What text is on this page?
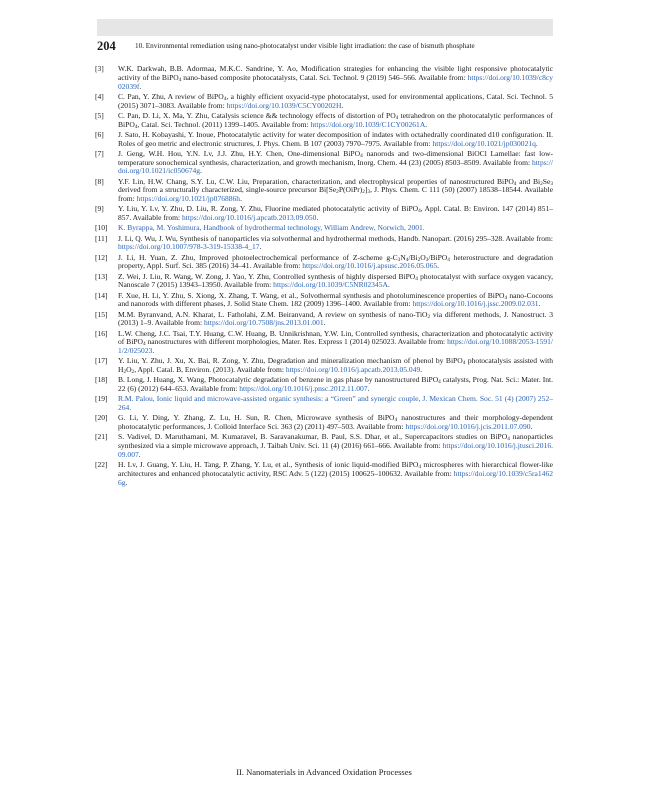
204	10. Environmental remediation using nano-photocatalyst under visible light irradiation: the case of bismuth phosphate
[3] W.K. Darkwah, B.B. Adormaa, M.K.C. Sandrine, Y. Ao, Modification strategies for enhancing the visible light responsive photocatalytic activity of the BiPO$_4$ nano-based composite photocatalysts, Catal. Sci. Technol. 9 (2019) 546–566. Available from: https://doi.org/10.1039/c8cy02039f.
[4] C. Pan, Y. Zhu, A review of BiPO$_4$, a highly efficient oxyacid-type photocatalyst, used for environmental applications, Catal. Sci. Technol. 5 (2015) 3071–3083. Available from: https://doi.org/10.1039/C5CY00202H.
[5] C. Pan, D. Li, X. Ma, Y. Zhu, Catalysis science && technology effects of distortion of $PO_4$ tetrahedron on the photocatalytic performances of BiPO$_4$, Catal. Sci. Technol. (2011) 1399–1405. Available from: https://doi.org/10.1039/C1CY00261A.
[6] J. Sato, H. Kobayashi, Y. Inoue, Photocatalytic activity for water decomposition of indates with octahedrally coordinated d10 configuration. II. Roles of geo metric and electronic structures, J. Phys. Chem. B 107 (2003) 7970–7975. Available from: https://doi.org/10.1021/jp030021q.
[7] J. Geng, W.H. Hou, Y.N. Lv, J.J. Zhu, H.Y. Chen, One-dimensional BiPO$_4$ nanorods and two-dimensional BiOCl Lamellae: fast low-temperature sonochemical synthesis, characterization, and growth mechanism, Inorg. Chem. 44 (23) (2005) 8503–8509. Available from: https://doi.org/10.1021/ic050674g.
[8] Y.F. Lin, H.W. Chang, S.Y. Lu, C.W. Liu, Preparation, characterization, and electrophysical properties of nanostructured BiPO$_4$ and $Bi_2Se_3$ derived from a structurally characterized, single-source precursor $Bi[Se_2P(OiPr)_2]_3$, J. Phys. Chem. C 111 (50) (2007) 18538–18544. Available from: https://doi.org/10.1021/jp076886h.
[9] Y. Liu, Y. Lv, Y. Zhu, D. Liu, R. Zong, Y. Zhu, Fluorine mediated photocatalytic activity of BiPO$_4$, Appl. Catal. B: Environ. 147 (2014) 851–857. Available from: https://doi.org/10.1016/j.apcatb.2013.09.050.
[10] K. Byrappa, M. Yoshimura, Handbook of hydrothermal technology, William Andrew, Norwich, 2001.
[11] J. Li, Q. Wu, J. Wu, Synthesis of nanoparticles via solvothermal and hydrothermal methods, Handb. Nanopart. (2016) 295–328. Available from: https://doi.org/10.1007/978-3-319-15338-4_17.
[12] J. Li, H. Yuan, Z. Zhu, Improved photoelectrochemical performance of Z-scheme $g-C_3N_4/Bi_2O_3/BiPO_4$ heterostructure and degradation property, Appl. Surf. Sci. 385 (2016) 34–41. Available from: https://doi.org/10.1016/j.apsusc.2016.05.065.
[13] Z. Wei, J. Liu, R. Wang, W. Zong, J. Yao, Y. Zhu, Controlled synthesis of highly dispersed BiPO$_4$ photocatalyst with surface oxygen vacancy, Nanoscale 7 (2015) 13943–13950. Available from: https://doi.org/10.1039/C5NR02345A.
[14] F. Xue, H. Li, Y. Zhu, S. Xiong, X. Zhang, T. Wang, et al., Solvothermal synthesis and photoluminescence properties of BiPO$_4$ nano-Cocoons and nanorods with different phases, J. Solid State Chem. 182 (2009) 1396–1400. Available from: https://doi.org/10.1016/j.jssc.2009.02.031.
[15] M.M. Byranvand, A.N. Kharat, L. Fatholahi, Z.M. Beiranvand, A review on synthesis of nano-TiO$_2$ via different methods, J. Nanostruct. 3 (2013) 1–9. Available from: https://doi.org/10.7508/jns.2013.01.001.
[16] L.W. Cheng, J.C. Tsai, T.Y. Huang, C.W. Huang, B. Unnikrishnan, Y.W. Lin, Controlled synthesis, characterization and photocatalytic activity of BiPO$_4$ nanostructures with different morphologies, Mater. Res. Express 1 (2014) 025023. Available from: https://doi.org/10.1088/2053-1591/1/2/025023.
[17] Y. Liu, Y. Zhu, J. Xu, X. Bai, R. Zong, Y. Zhu, Degradation and mineralization mechanism of phenol by BiPO$_4$ photocatalysis assisted with $H_2O_2$, Appl. Catal. B, Environ. (2013). Available from: https://doi.org/10.1016/j.apcatb.2013.05.049.
[18] B. Long, J. Huang, X. Wang, Photocatalytic degradation of benzene in gas phase by nanostructured BiPO$_4$ catalysts, Prog. Nat. Sci.: Mater. Int. 22 (6) (2012) 644–653. Available from: https://doi.org/10.1016/j.pnsc.2012.11.007.
[19] R.M. Palou, Ionic liquid and microwave-assisted organic synthesis: a “Green” and synergic couple, J. Mexican Chem. Soc. 51 (4) (2007) 252–264.
[20] G. Li, Y. Ding, Y. Zhang, Z. Lu, H. Sun, R. Chen, Microwave synthesis of BiPO$_4$ nanostructures and their morphology-dependent photocatalytic performances, J. Colloid Interface Sci. 363 (2) (2011) 497–503. Available from: https://doi.org/10.1016/j.jcis.2011.07.090.
[21] S. Vadivel, D. Maruthamani, M. Kumaravel, B. Saravanakumar, B. Paul, S.S. Dhar, et al., Supercapacitors studies on BiPO$_4$ nanoparticles synthesized via a simple microwave approach, J. Taibah Univ. Sci. 11 (4) (2016) 661–666. Available from: https://doi.org/10.1016/j.jtusci.2016.09.007.
[22] H. Lv, J. Guang, Y. Liu, H. Tang, P. Zhang, Y. Lu, et al., Synthesis of ionic liquid-modified BiPO$_4$ microspheres with hierarchical flower-like architectures and enhanced photocatalytic activity, RSC Adv. 5 (122) (2015) 100625–100632. Available from: https://doi.org/10.1039/c5ra14626g.
II. Nanomaterials in Advanced Oxidation Processes
